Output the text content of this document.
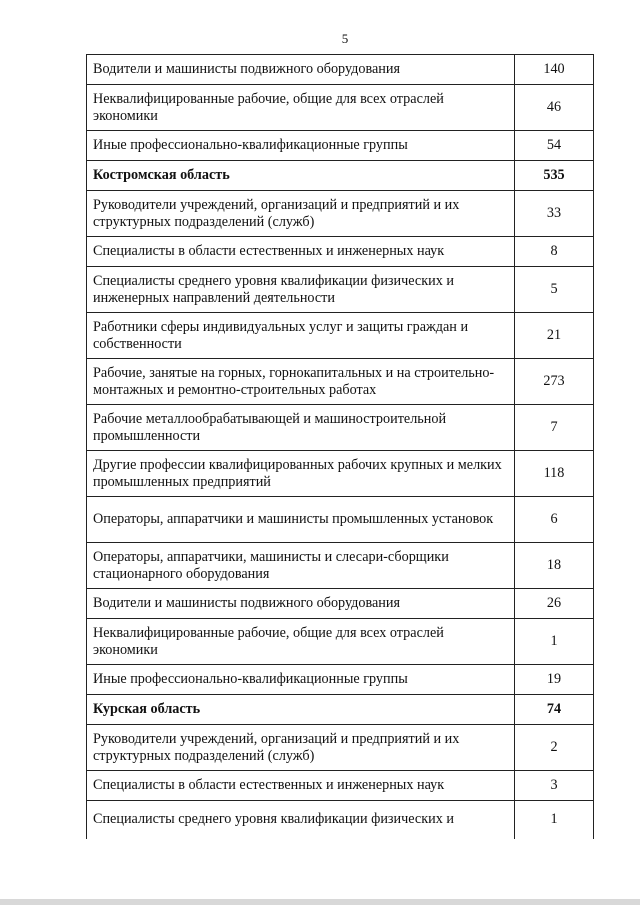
5
Водители и машинисты подвижного оборудования	140
Неквалифицированные рабочие, общие для всех отраслей экономики	46
Иные профессионально-квалификационные группы	54
Костромская область	535
Руководители учреждений, организаций и предприятий и их структурных подразделений (служб)	33
Специалисты в области естественных и инженерных наук	8
Специалисты среднего уровня квалификации физических и инженерных направлений деятельности	5
Работники сферы индивидуальных услуг и защиты граждан и собственности	21
Рабочие, занятые на горных, горнокапитальных и на строительно-монтажных и ремонтно-строительных работах	273
Рабочие металлообрабатывающей и машиностроительной промышленности	7
Другие профессии квалифицированных рабочих крупных и мелких промышленных предприятий	118
Операторы, аппаратчики и машинисты промышленных установок	6
Операторы, аппаратчики, машинисты и слесари-сборщики стационарного оборудования	18
Водители и машинисты подвижного оборудования	26
Неквалифицированные рабочие, общие для всех отраслей экономики	1
Иные профессионально-квалификационные группы	19
Курская область	74
Руководители учреждений, организаций и предприятий и их структурных подразделений (служб)	2
Специалисты в области естественных и инженерных наук	3
Специалисты среднего уровня квалификации физических и	1
